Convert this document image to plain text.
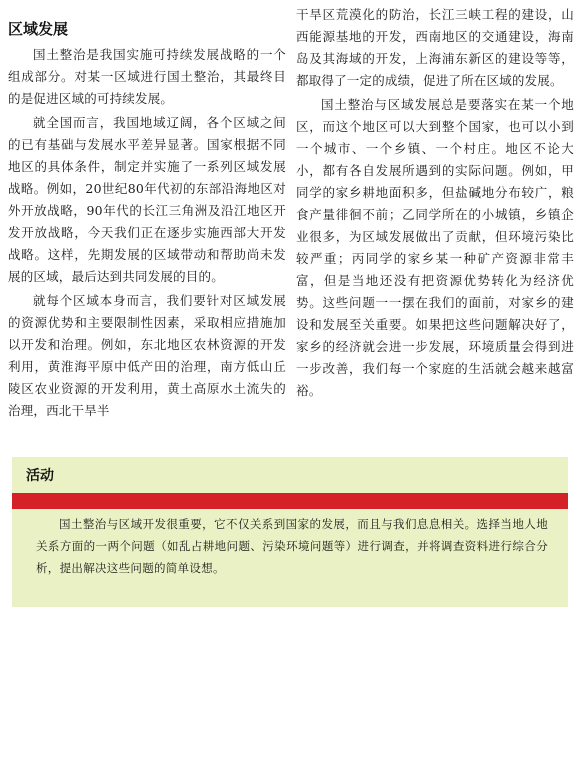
区域发展

国土整治是我国实施可持续发展战略的一个组成部分。对某一区域进行国土整治，其最终目的是促进区域的可持续发展。

就全国而言，我国地域辽阔，各个区域之间的已有基础与发展水平差异显著。国家根据不同地区的具体条件，制定并实施了一系列区域发展战略。例如，20世纪80年代初的东部沿海地区对外开放战略，90年代的长江三角洲及沿江地区开发开放战略，今天我们正在逐步实施西部大开发战略。这样，先期发展的区域带动和帮助尚未发展的区域，最后达到共同发展的目的。

就每个区域本身而言，我们要针对区域发展的资源优势和主要限制性因素，采取相应措施加以开发和治理。例如，东北地区农林资源的开发利用，黄淮海平原中低产田的治理，南方低山丘陵区农业资源的开发利用，黄土高原水土流失的治理，西北干旱半

干旱区荒漠化的防治，长江三峡工程的建设，山西能源基地的开发，西南地区的交通建设，海南岛及其海域的开发，上海浦东新区的建设等等，都取得了一定的成绩，促进了所在区域的发展。

国土整治与区域发展总是要落实在某一个地区，而这个地区可以大到整个国家，也可以小到一个城市、一个乡镇、一个村庄。地区不论大小，都有各自发展所遇到的实际问题。例如，甲同学的家乡耕地面积多，但盐碱地分布较广，粮食产量徘徊不前；乙同学所在的小城镇，乡镇企业很多，为区域发展做出了贡献，但环境污染比较严重；丙同学的家乡某一种矿产资源非常丰富，但是当地还没有把资源优势转化为经济优势。这些问题一一摆在我们的面前，对家乡的建设和发展至关重要。如果把这些问题解决好了，家乡的经济就会进一步发展，环境质量会得到进一步改善，我们每一个家庭的生活就会越来越富裕。

活动
国土整治与区域开发很重要，它不仅关系到国家的发展，而且与我们息息相关。选择当地人地关系方面的一两个问题（如乱占耕地问题、污染环境问题等）进行调查，并将调查资料进行综合分析，提出解决这些问题的简单设想。
